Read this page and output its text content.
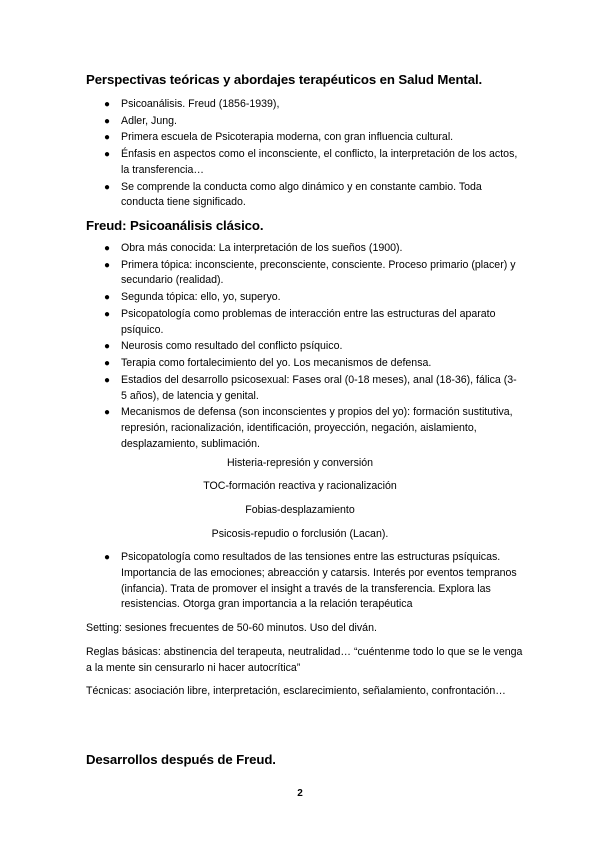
Perspectivas teóricas y abordajes terapéuticos en Salud Mental.
● Psicoanálisis. Freud (1856-1939),
● Adler, Jung.
● Primera escuela de Psicoterapia moderna, con gran influencia cultural.
● Énfasis en aspectos como el inconsciente, el conflicto, la interpretación de los actos, la transferencia…
● Se comprende la conducta como algo dinámico y en constante cambio. Toda conducta tiene significado.
Freud: Psicoanálisis clásico.
● Obra más conocida: La interpretación de los sueños (1900).
● Primera tópica: inconsciente, preconsciente, consciente. Proceso primario (placer) y secundario (realidad).
● Segunda tópica: ello, yo, superyo.
● Psicopatología como problemas de interacción entre las estructuras del aparato psíquico.
● Neurosis como resultado del conflicto psíquico.
● Terapia como fortalecimiento del yo. Los mecanismos de defensa.
● Estadios del desarrollo psicosexual: Fases oral (0-18 meses), anal (18-36), fálica (3-5 años), de latencia y genital.
● Mecanismos de defensa (son inconscientes y propios del yo): formación sustitutiva, represión, racionalización, identificación, proyección, negación, aislamiento, desplazamiento, sublimación.
Histeria-represión y conversión
TOC-formación reactiva y racionalización
Fobias-desplazamiento
Psicosis-repudio o forclusión (Lacan).
● Psicopatología como resultados de las tensiones entre las estructuras psíquicas. Importancia de las emociones; abreacción y catarsis. Interés por eventos tempranos (infancia). Trata de promover el insight a través de la transferencia. Explora las resistencias. Otorga gran importancia a la relación terapéutica
Setting: sesiones frecuentes de 50-60 minutos. Uso del diván.
Reglas básicas: abstinencia del terapeuta, neutralidad… “cuéntenme todo lo que se le venga a la mente sin censurarlo ni hacer autocrítica”
Técnicas: asociación libre, interpretación, esclarecimiento, señalamiento, confrontación…
Desarrollos después de Freud.
2
